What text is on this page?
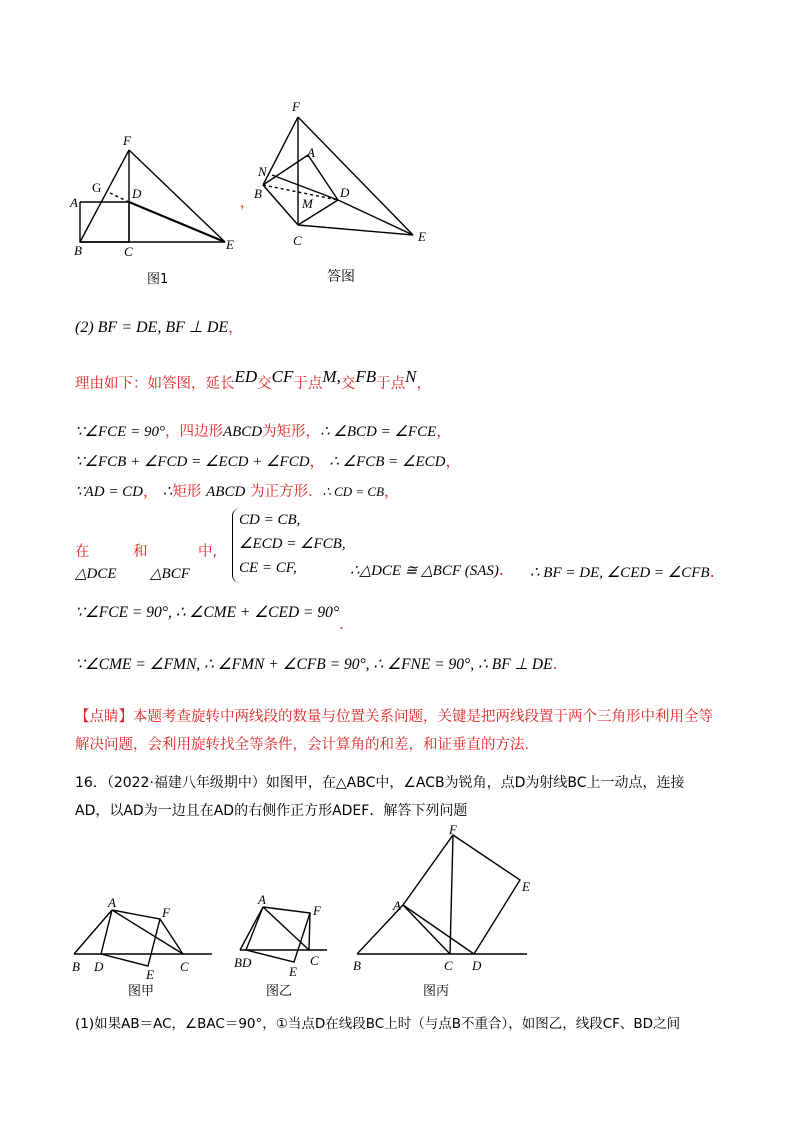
F
G
A
D
B	C	E
图1
，
F
N
A
B	D
M
C	E
答图
(2) BF = DE, BF ⊥ DE，
理由如下：如答图，延长ED交CF于点M,交FB于点N，
∵∠FCE = 90°，四边形ABCD为矩形，∴ ∠BCD = ∠FCE，
∵∠FCB + ∠FCD = ∠ECD + ∠FCD， ∴ ∠FCB = ∠ECD，
∵AD = CD， ∴矩形 ABCD 为正方形．∴ CD = CB，
在	和	中,
△DCE △BCF
CD = CB,
∠ECD = ∠FCB,
CE = CF,	∴△DCE ≅ △BCF (SAS). ∴ BF = DE, ∠CED = ∠CFB.
∵∠FCE = 90°, ∴ ∠CME + ∠CED = 90°.
∵∠CME = ∠FMN, ∴ ∠FMN + ∠CFB = 90°, ∴ ∠FNE = 90°, ∴ BF ⊥ DE.
【点睛】本题考查旋转中两线段的数量与位置关系问题，关键是把两线段置于两个三角形中利用全等解决问题，会利用旋转找全等条件，会计算角的和差，和证垂直的方法．
16．（2022·福建八年级期中）如图甲，在△ABC中，∠ACB为锐角，点D为射线BC上一动点，连接
AD，以AD为一边且在AD的右侧作正方形ADEF．解答下列问题
A
F
B D
E
C
图甲
A
F
BD
E
C
图乙
F
E
A
B	C D
图丙
(1)如果AB＝AC，∠BAC＝90°，①当点D在线段BC上时（与点B不重合），如图乙，线段CF、BD之间
